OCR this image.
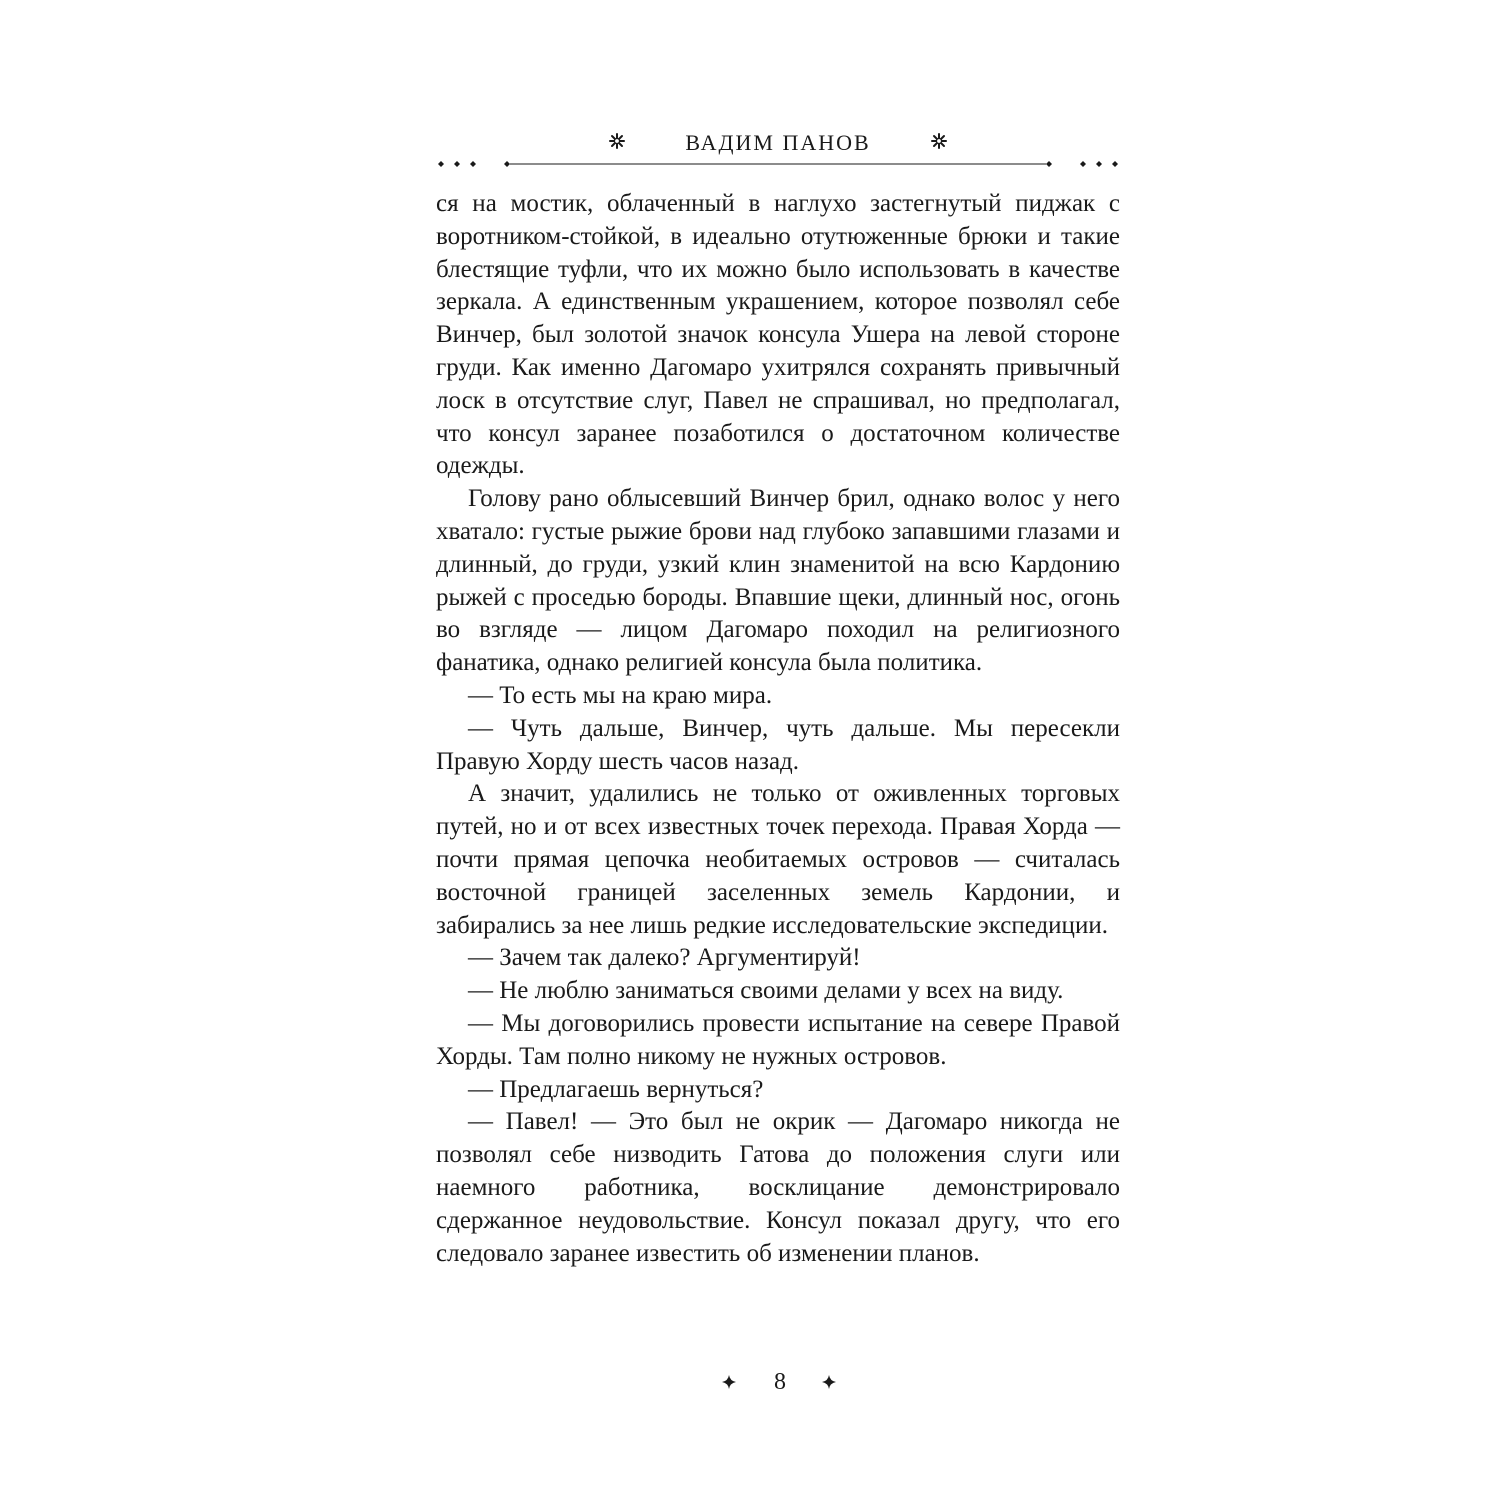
ВАДИМ ПАНОВ

ся на мостик, облаченный в наглухо застегнутый пиджак с воротником-стойкой, в идеально отутюженные брюки и такие блестящие туфли, что их можно было использовать в качестве зеркала. А единственным украшением, которое позволял себе Винчер, был золотой значок консула Ушера на левой стороне груди. Как именно Дагомаро ухитрялся сохранять привычный лоск в отсутствие слуг, Павел не спрашивал, но предполагал, что консул заранее позаботился о достаточном количестве одежды.

Голову рано облысевший Винчер брил, однако волос у него хватало: густые рыжие брови над глубоко запавшими глазами и длинный, до груди, узкий клин знаменитой на всю Кардонию рыжей с проседью бороды. Впавшие щеки, длинный нос, огонь во взгляде — лицом Дагомаро походил на религиозного фанатика, однако религией консула была политика.

— То есть мы на краю мира.

— Чуть дальше, Винчер, чуть дальше. Мы пересекли Правую Хорду шесть часов назад.

А значит, удалились не только от оживленных торговых путей, но и от всех известных точек перехода. Правая Хорда — почти прямая цепочка необитаемых островов — считалась восточной границей заселенных земель Кардонии, и забирались за нее лишь редкие исследовательские экспедиции.

— Зачем так далеко? Аргументируй!

— Не люблю заниматься своими делами у всех на виду.

— Мы договорились провести испытание на севере Правой Хорды. Там полно никому не нужных островов.

— Предлагаешь вернуться?

— Павел! — Это был не окрик — Дагомаро никогда не позволял себе низводить Гатова до положения слуги или наемного работника, восклицание демонстрировало сдержанное неудовольствие. Консул показал другу, что его следовало заранее известить об изменении планов.

8
